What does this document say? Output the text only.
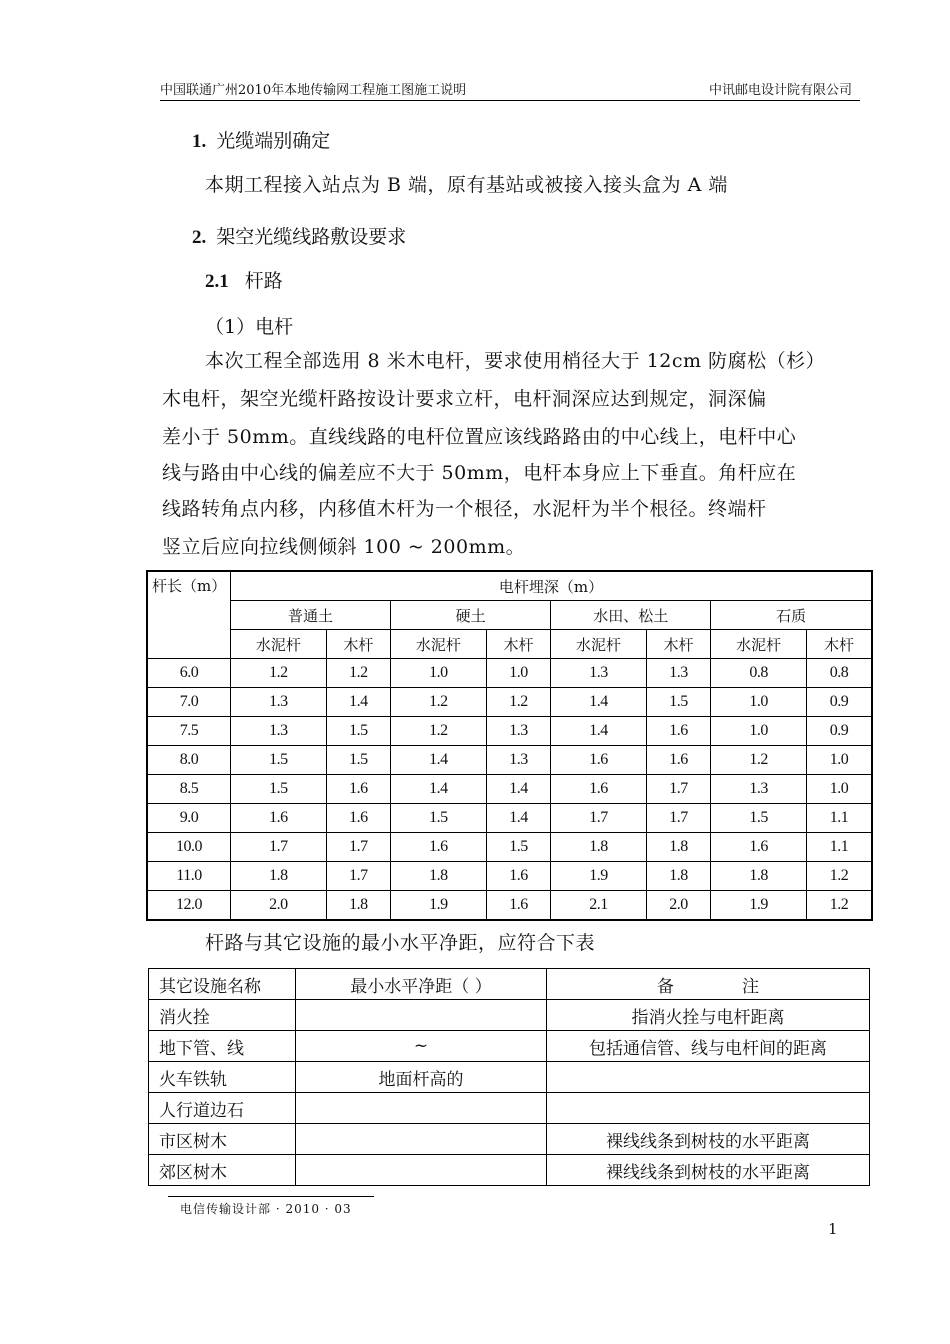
中国联通广州2010年本地传输网工程施工图施工说明	中讯邮电设计院有限公司
1. 光缆端别确定
本期工程接入站点为 B 端，原有基站或被接入接头盒为 A 端
2. 架空光缆线路敷设要求
2.1 杆路
（1）电杆
本次工程全部选用 8 米木电杆，要求使用梢径大于 12cm 防腐松（杉）
木电杆，架空光缆杆路按设计要求立杆，电杆洞深应达到规定，洞深偏
差小于 50mm。直线线路的电杆位置应该线路路由的中心线上，电杆中心
线与路由中心线的偏差应不大于 50mm，电杆本身应上下垂直。角杆应在
线路转角点内移，内移值木杆为一个根径，水泥杆为半个根径。终端杆
竖立后应向拉线侧倾斜 100 ~ 200mm。
杆长（m）	电杆埋深（m）							
	普通土		硬土		水田、松土		石质	
	水泥杆	木杆	水泥杆	木杆	水泥杆	木杆	水泥杆	木杆
6.0	1.2	1.2	1.0	1.0	1.3	1.3	0.8	0.8
7.0	1.3	1.4	1.2	1.2	1.4	1.5	1.0	0.9
7.5	1.3	1.5	1.2	1.3	1.4	1.6	1.0	0.9
8.0	1.5	1.5	1.4	1.3	1.6	1.6	1.2	1.0
8.5	1.5	1.6	1.4	1.4	1.6	1.7	1.3	1.0
9.0	1.6	1.6	1.5	1.4	1.7	1.7	1.5	1.1
10.0	1.7	1.7	1.6	1.5	1.8	1.8	1.6	1.1
11.0	1.8	1.7	1.8	1.6	1.9	1.8	1.8	1.2
12.0	2.0	1.8	1.9	1.6	2.1	2.0	1.9	1.2
杆路与其它设施的最小水平净距，应符合下表
其它设施名称	最小水平净距（ ）	备　　　　注
消火拴		指消火拴与电杆距离
地下管、线	~	包括通信管、线与电杆间的距离
火车铁轨	地面杆高的	
人行道边石		
市区树木		裸线线条到树枝的水平距离
郊区树木		裸线线条到树枝的水平距离
电信传输设计部 · 2010 · 03
1
